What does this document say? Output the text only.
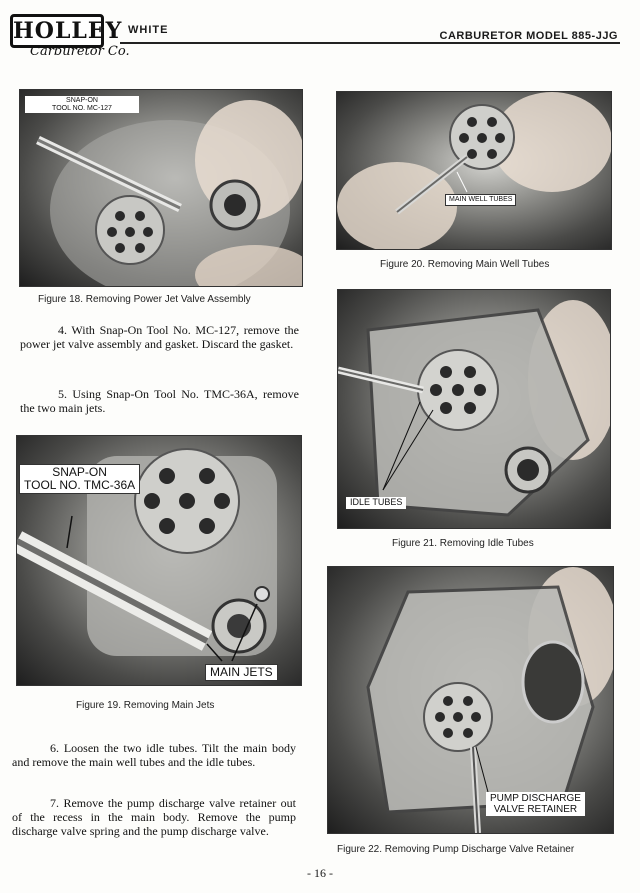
HOLLEY
Carburetor Co.
WHITE	CARBURETOR MODEL 885-JJG
SNAP-ON
TOOL NO. MC-127
Figure 18. Removing Power Jet Valve Assembly
MAIN WELL TUBES
Figure 20. Removing Main Well Tubes

4. With Snap-On Tool No. MC-127, remove the power jet valve assembly and gasket. Discard the gasket.

5. Using Snap-On Tool No. TMC-36A, remove the two main jets.

IDLE TUBES
Figure 21. Removing Idle Tubes
SNAP-ON
TOOL NO. TMC-36A
MAIN JETS
Figure 19. Removing Main Jets
PUMP DISCHARGE
VALVE RETAINER
Figure 22. Removing Pump Discharge Valve Retainer

6. Loosen the two idle tubes. Tilt the main body and remove the main well tubes and the idle tubes.

7. Remove the pump discharge valve retainer out of the recess in the main body. Remove the pump discharge valve spring and the pump discharge valve.

- 16 -
